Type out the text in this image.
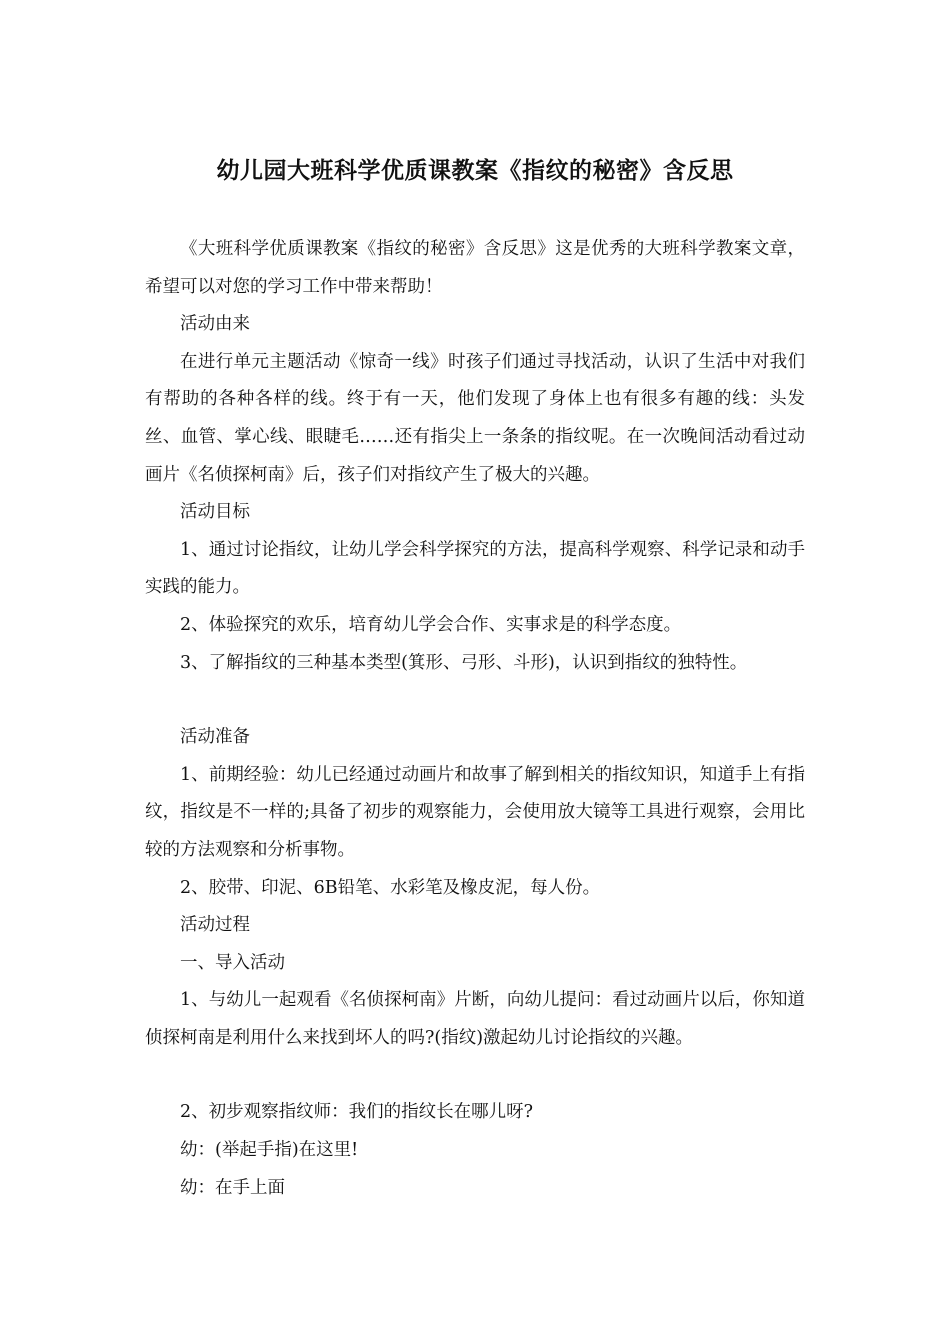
幼儿园大班科学优质课教案《指纹的秘密》含反思

《大班科学优质课教案《指纹的秘密》含反思》这是优秀的大班科学教案文章，希望可以对您的学习工作中带来帮助！

活动由来

在进行单元主题活动《惊奇一线》时孩子们通过寻找活动，认识了生活中对我们有帮助的各种各样的线。终于有一天，他们发现了身体上也有很多有趣的线：头发丝、血管、掌心线、眼睫毛……还有指尖上一条条的指纹呢。在一次晚间活动看过动画片《名侦探柯南》后，孩子们对指纹产生了极大的兴趣。

活动目标

1、通过讨论指纹，让幼儿学会科学探究的方法，提高科学观察、科学记录和动手实践的能力。

2、体验探究的欢乐，培育幼儿学会合作、实事求是的科学态度。

3、了解指纹的三种基本类型(箕形、弓形、斗形)，认识到指纹的独特性。

活动准备

1、前期经验：幼儿已经通过动画片和故事了解到相关的指纹知识，知道手上有指纹，指纹是不一样的;具备了初步的观察能力，会使用放大镜等工具进行观察，会用比较的方法观察和分析事物。

2、胶带、印泥、6B铅笔、水彩笔及橡皮泥，每人份。

活动过程

一、导入活动

1、与幼儿一起观看《名侦探柯南》片断，向幼儿提问：看过动画片以后，你知道侦探柯南是利用什么来找到坏人的吗?(指纹)激起幼儿讨论指纹的兴趣。

2、初步观察指纹师：我们的指纹长在哪儿呀?

幼：(举起手指)在这里!

幼：在手上面
